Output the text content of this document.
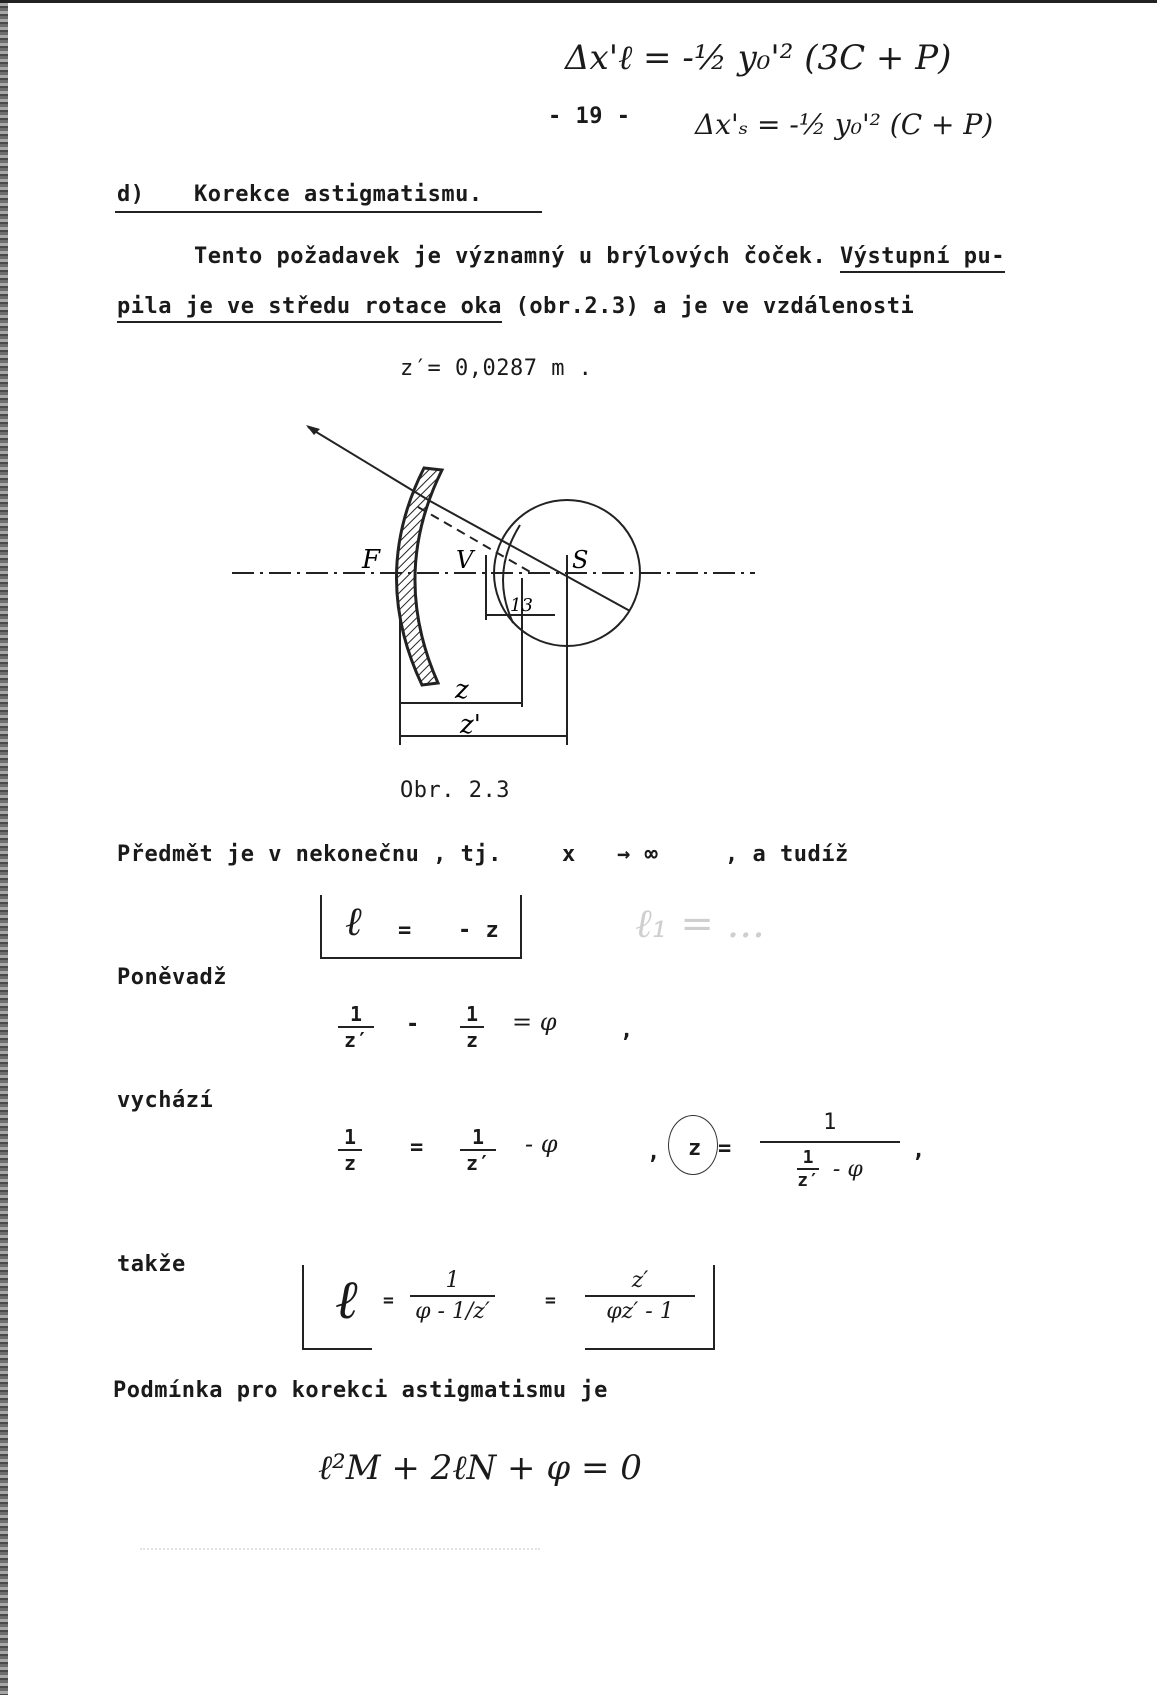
Δx'ℓ = -½ y₀'² (3C + P)
Δx'ₛ = -½ y₀'² (C + P)
- 19 -
d) Korekce astigmatismu.
Tento požadavek je významný u brýlových čoček. Výstupní pu-
pila je ve středu rotace oka (obr.2.3) a je ve vzdálenosti
z′= 0,0287 m .
F	V	S
13
z
z'
Obr. 2.3
Předmět je v nekonečnu , tj.	x → ∞	, a tudíž
ℓ = - z	ℓ₁ = ...
Poněvadž
1
z′
-	1
z
= φ	,
vychází
1
z
=	1
z′
- φ	, z =
1
1
z′ - φ
,
takže
ℓ =
1
φ - 1/z′	=
z′
φz′ - 1
Podmínka pro korekci astigmatismu je
ℓ²M + 2ℓN + φ = 0
